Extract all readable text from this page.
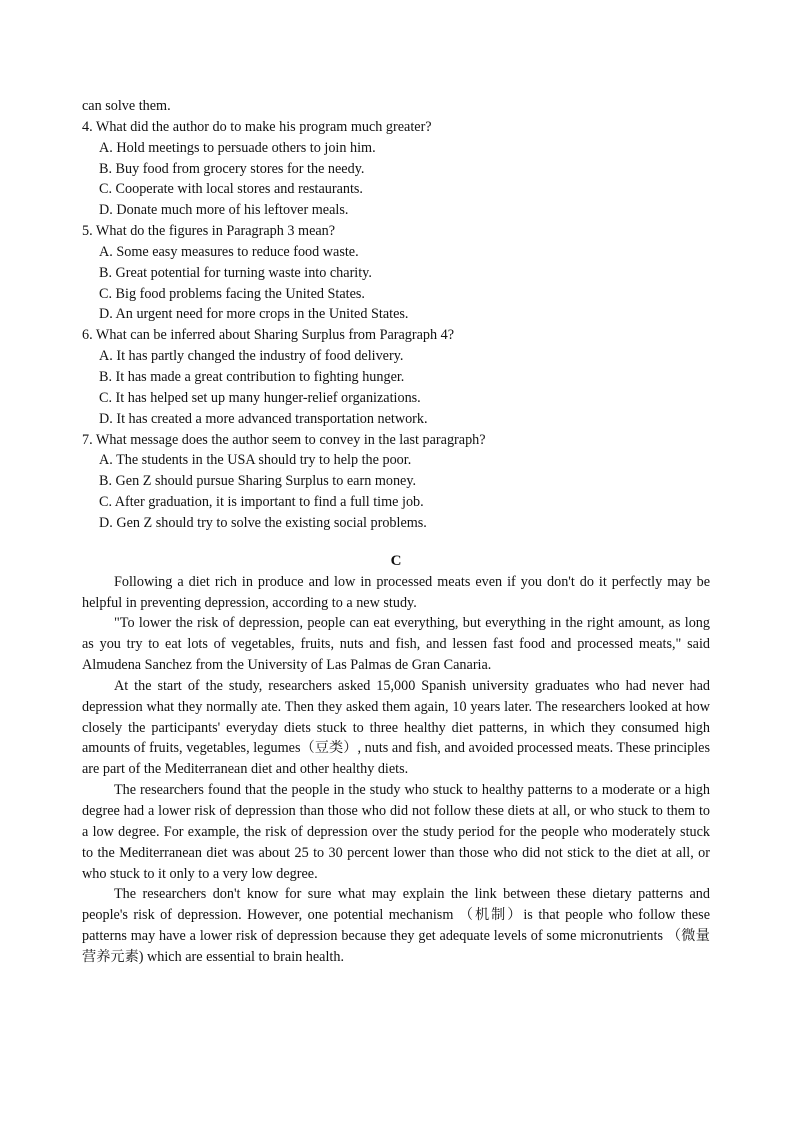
can solve them.
4. What did the author do to make his program much greater?
A. Hold meetings to persuade others to join him.
B. Buy food from grocery stores for the needy.
C. Cooperate with local stores and restaurants.
D. Donate much more of his leftover meals.
5. What do the figures in Paragraph 3 mean?
A. Some easy measures to reduce food waste.
B. Great potential for turning waste into charity.
C. Big food problems facing the United States.
D. An urgent need for more crops in the United States.
6. What can be inferred about Sharing Surplus from Paragraph 4?
A. It has partly changed the industry of food delivery.
B. It has made a great contribution to fighting hunger.
C. It has helped set up many hunger-relief organizations.
D. It has created a more advanced transportation network.
7. What message does the author seem to convey in the last paragraph?
A. The students in the USA should try to help the poor.
B. Gen Z should pursue Sharing Surplus to earn money.
C. After graduation, it is important to find a full time job.
D. Gen Z should try to solve the existing social problems.
C

Following a diet rich in produce and low in processed meats even if you don't do it perfectly may be helpful in preventing depression, according to a new study.

"To lower the risk of depression, people can eat everything, but everything in the right amount, as long as you try to eat lots of vegetables, fruits, nuts and fish, and lessen fast food and processed meats," said Almudena Sanchez from the University of Las Palmas de Gran Canaria.

At the start of the study, researchers asked 15,000 Spanish university graduates who had never had depression what they normally ate. Then they asked them again, 10 years later. The researchers looked at how closely the participants' everyday diets stuck to three healthy diet patterns, in which they consumed high amounts of fruits, vegetables, legumes（豆类）, nuts and fish, and avoided processed meats. These principles are part of the Mediterranean diet and other healthy diets.

The researchers found that the people in the study who stuck to healthy patterns to a moderate or a high degree had a lower risk of depression than those who did not follow these diets at all, or who stuck to them to a low degree. For example, the risk of depression over the study period for the people who moderately stuck to the Mediterranean diet was about 25 to 30 percent lower than those who did not stick to the diet at all, or who stuck to it only to a very low degree.

The researchers don't know for sure what may explain the link between these dietary patterns and people's risk of depression. However, one potential mechanism （机制）is that people who follow these patterns may have a lower risk of depression because they get adequate levels of some micronutrients （微量营养元素) which are essential to brain health.
